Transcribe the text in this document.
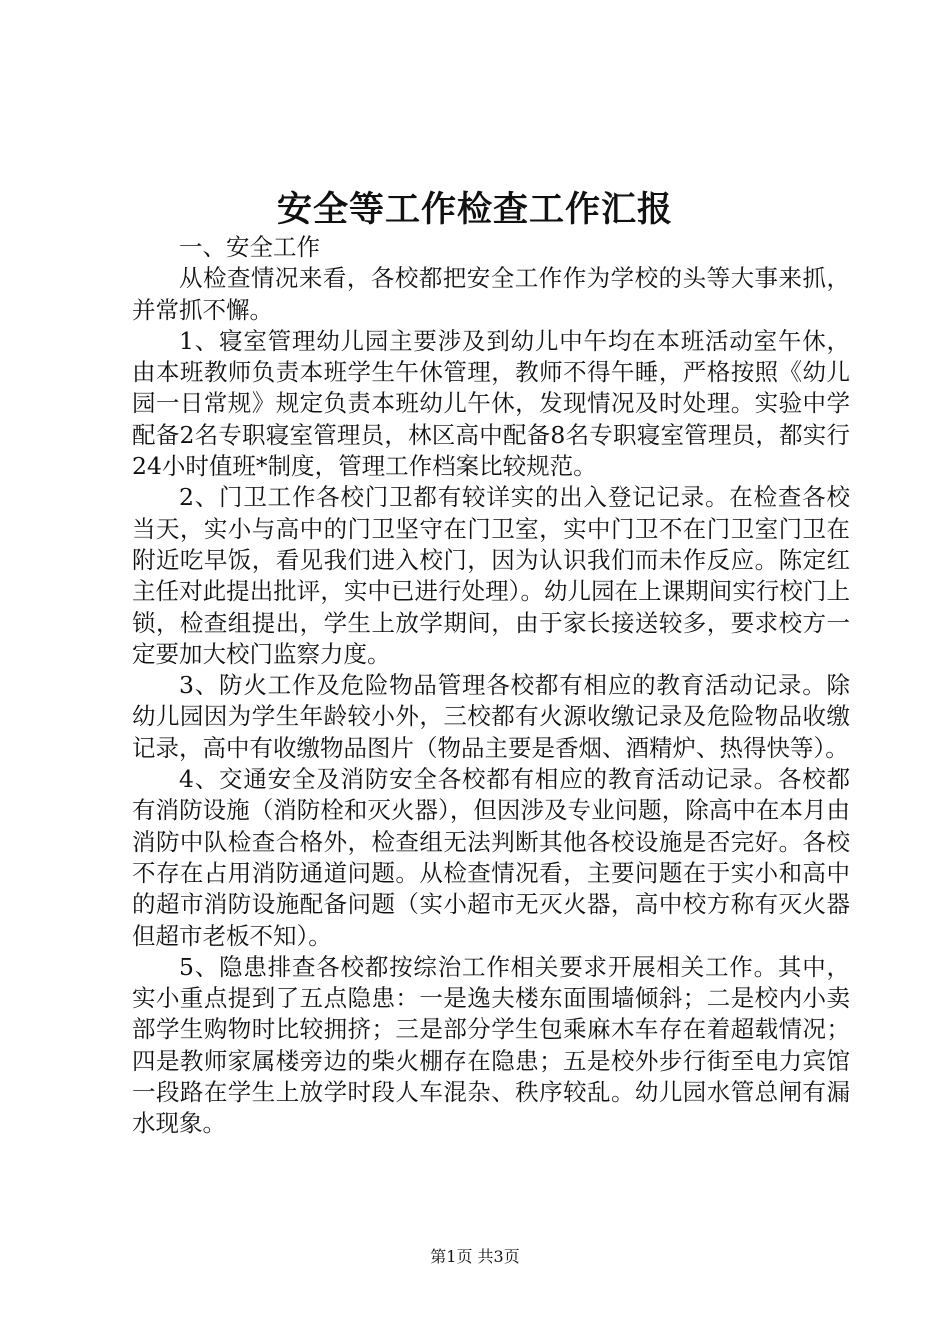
安全等工作检查工作汇报

一、安全工作

从检查情况来看，各校都把安全工作作为学校的头等大事来抓，并常抓不懈。

1、寝室管理幼儿园主要涉及到幼儿中午均在本班活动室午休，由本班教师负责本班学生午休管理，教师不得午睡，严格按照《幼儿园一日常规》规定负责本班幼儿午休，发现情况及时处理。实验中学配备2名专职寝室管理员，林区高中配备8名专职寝室管理员，都实行24小时值班*制度，管理工作档案比较规范。

2、门卫工作各校门卫都有较详实的出入登记记录。在检查各校当天，实小与高中的门卫坚守在门卫室，实中门卫不在门卫室门卫在附近吃早饭，看见我们进入校门，因为认识我们而未作反应。陈定红主任对此提出批评，实中已进行处理）。幼儿园在上课期间实行校门上锁，检查组提出，学生上放学期间，由于家长接送较多，要求校方一定要加大校门监察力度。

3、防火工作及危险物品管理各校都有相应的教育活动记录。除幼儿园因为学生年龄较小外，三校都有火源收缴记录及危险物品收缴记录，高中有收缴物品图片（物品主要是香烟、酒精炉、热得快等）。

4、交通安全及消防安全各校都有相应的教育活动记录。各校都有消防设施（消防栓和灭火器），但因涉及专业问题，除高中在本月由消防中队检查合格外，检查组无法判断其他各校设施是否完好。各校不存在占用消防通道问题。从检查情况看，主要问题在于实小和高中的超市消防设施配备问题（实小超市无灭火器，高中校方称有灭火器但超市老板不知）。

5、隐患排查各校都按综治工作相关要求开展相关工作。其中，实小重点提到了五点隐患：一是逸夫楼东面围墙倾斜；二是校内小卖部学生购物时比较拥挤；三是部分学生包乘麻木车存在着超载情况；四是教师家属楼旁边的柴火棚存在隐患；五是校外步行街至电力宾馆一段路在学生上放学时段人车混杂、秩序较乱。幼儿园水管总闸有漏水现象。

第1页 共3页
